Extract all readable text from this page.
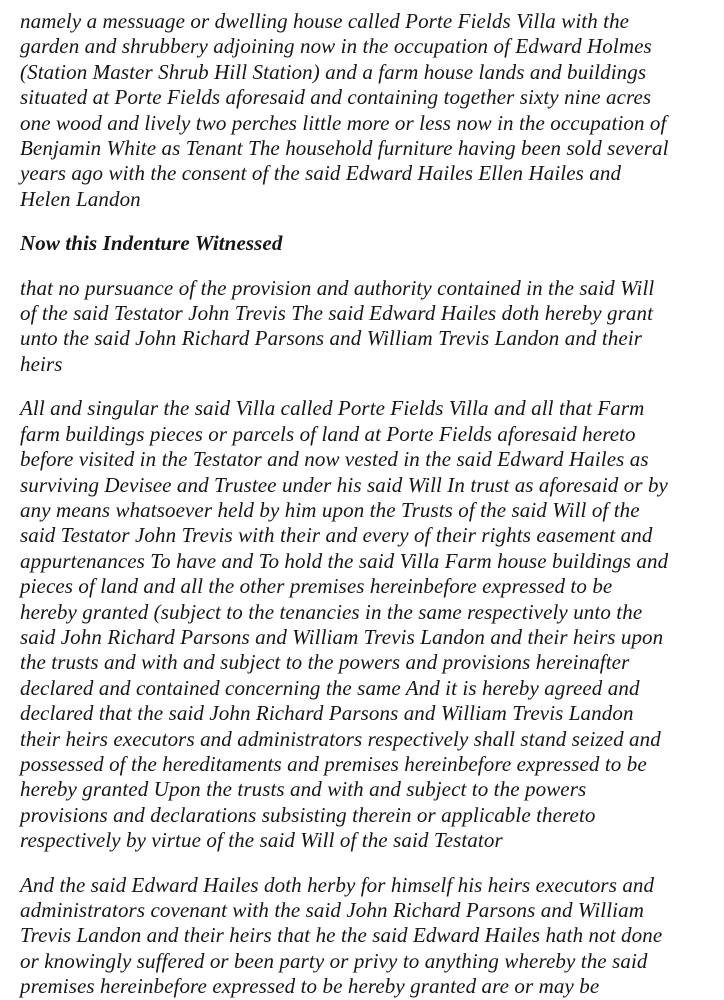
namely a messuage or dwelling house called Porte Fields Villa with the
garden and shrubbery adjoining now in the occupation of Edward Holmes
(Station Master Shrub Hill Station) and a farm house lands and buildings
situated at Porte Fields aforesaid and containing together sixty nine acres
one wood and lively two perches little more or less now in the occupation of
Benjamin White as Tenant The household furniture having been sold several
years ago with the consent of the said Edward Hailes Ellen Hailes and
Helen Landon

Now this Indenture Witnessed

that no pursuance of the provision and authority contained in the said Will
of the said Testator John Trevis The said Edward Hailes doth hereby grant
unto the said John Richard Parsons and William Trevis Landon and their
heirs

All and singular the said Villa called Porte Fields Villa and all that Farm
farm buildings pieces or parcels of land at Porte Fields aforesaid hereto
before visited in the Testator and now vested in the said Edward Hailes as
surviving Devisee and Trustee under his said Will In trust as aforesaid or by
any means whatsoever held by him upon the Trusts of the said Will of the
said Testator John Trevis with their and every of their rights easement and
appurtenances To have and To hold the said Villa Farm house buildings and
pieces of land and all the other premises hereinbefore expressed to be
hereby granted (subject to the tenancies in the same respectively unto the
said John Richard Parsons and William Trevis Landon and their heirs upon
the trusts and with and subject to the powers and provisions hereinafter
declared and contained concerning the same And it is hereby agreed and
declared that the said John Richard Parsons and William Trevis Landon
their heirs executors and administrators respectively shall stand seized and
possessed of the hereditaments and premises hereinbefore expressed to be
hereby granted Upon the trusts and with and subject to the powers
provisions and declarations subsisting therein or applicable thereto
respectively by virtue of the said Will of the said Testator

And the said Edward Hailes doth herby for himself his heirs executors and
administrators covenant with the said John Richard Parsons and William
Trevis Landon and their heirs that he the said Edward Hailes hath not done
or knowingly suffered or been party or privy to anything whereby the said
premises hereinbefore expressed to be hereby granted are or may be
